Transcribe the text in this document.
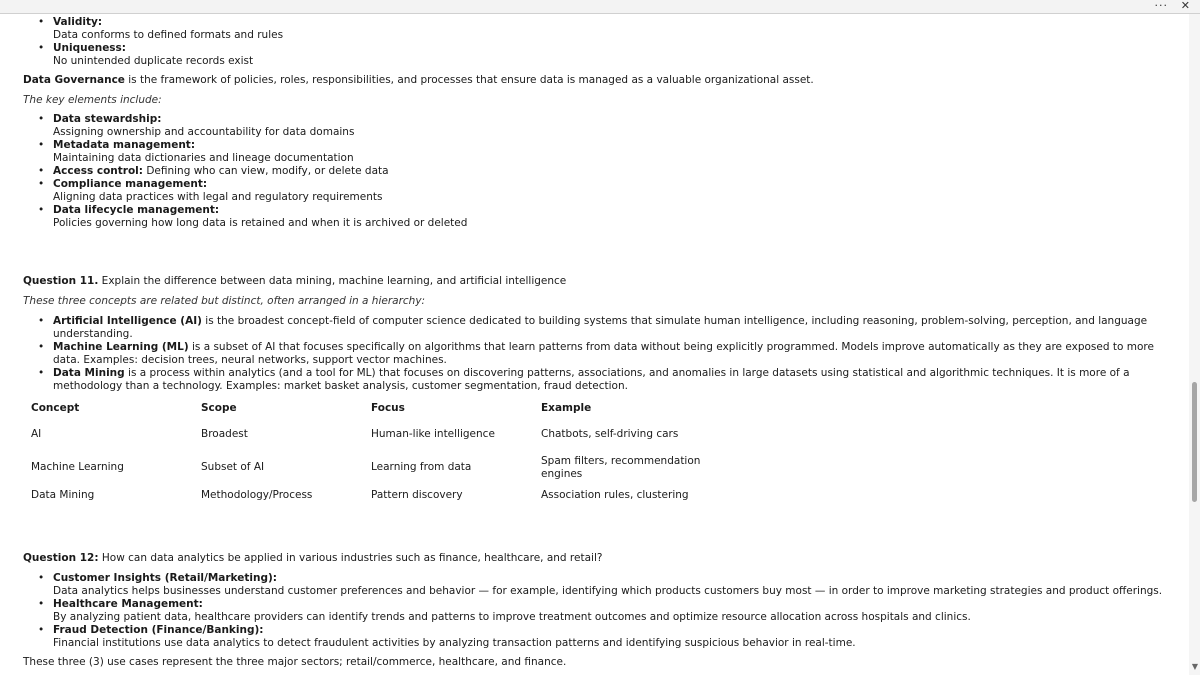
··· ✕
▼
• Validity:
Data conforms to defined formats and rules
• Uniqueness:
No unintended duplicate records exist
Data Governance is the framework of policies, roles, responsibilities, and processes that ensure data is managed as a valuable organizational asset.
The key elements include:
• Data stewardship:
Assigning ownership and accountability for data domains
• Metadata management:
Maintaining data dictionaries and lineage documentation
• Access control: Defining who can view, modify, or delete data
• Compliance management:
Aligning data practices with legal and regulatory requirements
• Data lifecycle management:
Policies governing how long data is retained and when it is archived or deleted
Question 11. Explain the difference between data mining, machine learning, and artificial intelligence
These three concepts are related but distinct, often arranged in a hierarchy:
• Artificial Intelligence (AI) is the broadest concept-field of computer science dedicated to building systems that simulate human intelligence, including reasoning, problem-solving, perception, and language understanding.
• Machine Learning (ML) is a subset of AI that focuses specifically on algorithms that learn patterns from data without being explicitly programmed. Models improve automatically as they are exposed to more data. Examples: decision trees, neural networks, support vector machines.
• Data Mining is a process within analytics (and a tool for ML) that focuses on discovering patterns, associations, and anomalies in large datasets using statistical and algorithmic techniques. It is more of a methodology than a technology. Examples: market basket analysis, customer segmentation, fraud detection.
Concept	Scope	Focus	Example
AI	Broadest	Human-like intelligence	Chatbots, self-driving cars
Machine Learning	Subset of AI	Learning from data	Spam filters, recommendation engines
Data Mining	Methodology/Process	Pattern discovery	Association rules, clustering
Question 12: How can data analytics be applied in various industries such as finance, healthcare, and retail?
• Customer Insights (Retail/Marketing):
Data analytics helps businesses understand customer preferences and behavior — for example, identifying which products customers buy most — in order to improve marketing strategies and product offerings.
• Healthcare Management:
By analyzing patient data, healthcare providers can identify trends and patterns to improve treatment outcomes and optimize resource allocation across hospitals and clinics.
• Fraud Detection (Finance/Banking):
Financial institutions use data analytics to detect fraudulent activities by analyzing transaction patterns and identifying suspicious behavior in real-time.
These three (3) use cases represent the three major sectors; retail/commerce, healthcare, and finance.
